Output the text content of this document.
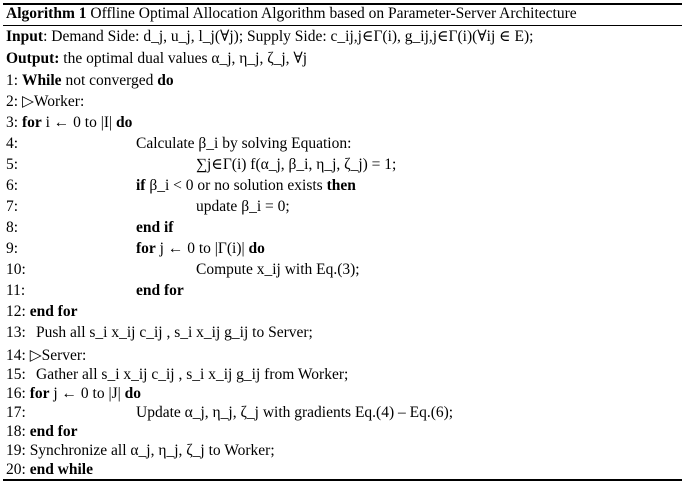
Algorithm 1 Offline Optimal Allocation Algorithm based on Parameter-Server Architecture
Input: Demand Side: d_j, u_j, l_j(∀j); Supply Side: c_ij,j∈Γ(i), g_ij,j∈Γ(i)(∀ij ∈ E);
Output: the optimal dual values α_j, η_j, ζ_j, ∀j
1: While not converged do
2: ▷Worker:
3: for i ← 0 to |I| do
4:	Calculate β_i by solving Equation:
5:	∑j∈Γ(i) f(α_j, β_i, η_j, ζ_j) = 1;
6:	if β_i < 0 or no solution exists then
7:	update β_i = 0;
8:	end if
9:	for j ← 0 to |Γ(i)| do
10:	Compute x_ij with Eq.(3);
11:	end for
12: end for
13: Push all s_i x_ij c_ij , s_i x_ij g_ij to Server;
14: ▷Server:
15: Gather all s_i x_ij c_ij , s_i x_ij g_ij from Worker;
16: for j ← 0 to |J| do
17:	Update α_j, η_j, ζ_j with gradients Eq.(4) – Eq.(6);
18: end for
19: Synchronize all α_j, η_j, ζ_j to Worker;
20: end while
